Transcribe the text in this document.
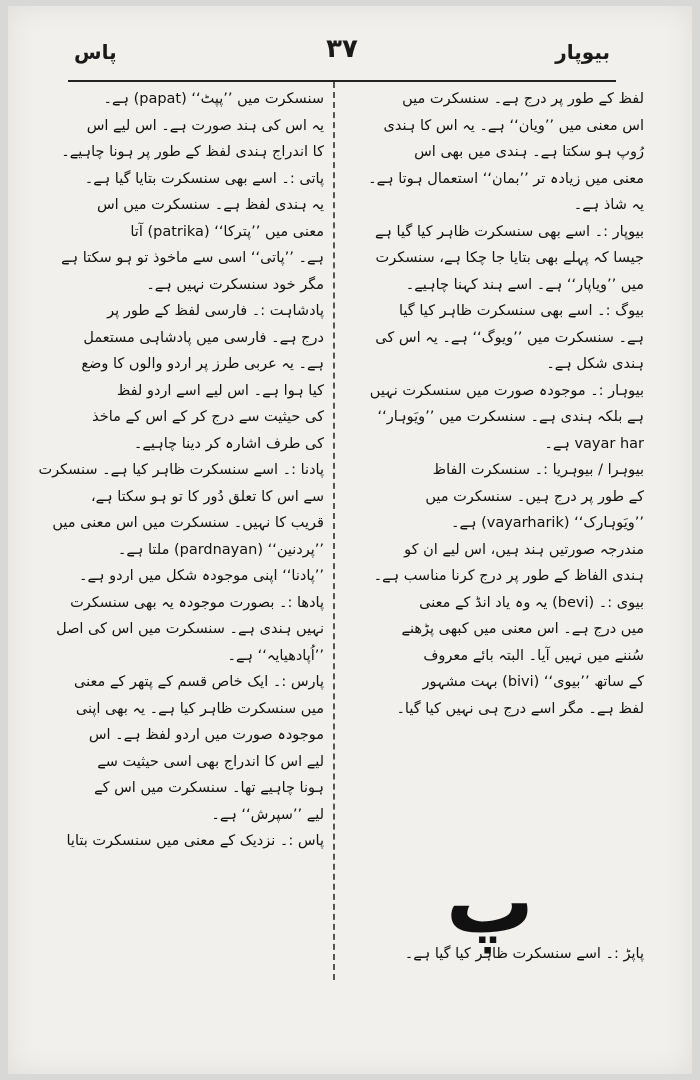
بیوپار
۳۷
پاس
لفظ کے طور پر درج ہے۔ سنسکرت میں
اس معنی میں ’’ویان‘‘ ہے۔ یہ اس کا ہندی
رُوپ ہو سکتا ہے۔ ہندی میں بھی اس
معنی میں زیادہ تر ’’بمان‘‘ استعمال ہوتا ہے۔
یہ شاذ ہے۔
بیوپار :۔ اسے بھی سنسکرت ظاہر کیا گیا ہے
جیسا کہ پہلے بھی بتایا جا چکا ہے، سنسکرت
میں ’’ویاپار‘‘ ہے۔ اسے ہند کہنا چاہیے۔
بیوگ :۔ اسے بھی سنسکرت ظاہر کیا گیا
ہے۔ سنسکرت میں ’’ویوگ‘‘ ہے۔ یہ اس کی
ہندی شکل ہے۔
بیوہار :۔ موجودہ صورت میں سنسکرت نہیں
ہے بلکہ ہندی ہے۔ سنسکرت میں ’’ویَوہار‘‘
vayar har ہے۔
بیوہرا / بیوہریا :۔ سنسکرت الفاظ
کے طور پر درج ہیں۔ سنسکرت میں
’’ویَوہارک‘‘ (vayarharik) ہے۔
مندرجہ صورتیں ہند ہیں، اس لیے ان کو
ہندی الفاظ کے طور پر درج کرنا مناسب ہے۔
بیوی :۔ (bevi) یہ وہ یاد انڈ کے معنی
میں درج ہے۔ اس معنی میں کبھی پڑھنے
سُننے میں نہیں آیا۔ البتہ بائے معروف
کے ساتھ ’’بیوی‘‘ (bivi) بہت مشہور
لفظ ہے۔ مگر اسے درج ہی نہیں کیا گیا۔
سنسکرت میں ’’پپٹ‘‘ (papat) ہے۔
یہ اس کی ہند صورت ہے۔ اس لیے اس
کا اندراج ہندی لفظ کے طور پر ہونا چاہیے۔
پاتی :۔ اسے بھی سنسکرت بتایا گیا ہے۔
یہ ہندی لفظ ہے۔ سنسکرت میں اس
معنی میں ’’پترکا‘‘ (patrika) آتا
ہے۔ ’’پاتی‘‘ اسی سے ماخوذ تو ہو سکتا ہے
مگر خود سنسکرت نہیں ہے۔
پادشاہت :۔ فارسی لفظ کے طور پر
درج ہے۔ فارسی میں پادشاہی مستعمل
ہے۔ یہ عربی طرز پر اردو والوں کا وضع
کیا ہوا ہے۔ اس لیے اسے اردو لفظ
کی حیثیت سے درج کر کے اس کے ماخذ
کی طرف اشارہ کر دینا چاہیے۔
پادنا :۔ اسے سنسکرت ظاہر کیا ہے۔ سنسکرت
سے اس کا تعلق دُور کا تو ہو سکتا ہے،
قریب کا نہیں۔ سنسکرت میں اس معنی میں
’’پردنین‘‘ (pardnayan) ملتا ہے۔
’’پادنا‘‘ اپنی موجودہ شکل میں اردو ہے۔
پادھا :۔ بصورت موجودہ یہ بھی سنسکرت
نہیں ہندی ہے۔ سنسکرت میں اس کی اصل
’’اُپادھیایہ‘‘ ہے۔
پارس :۔ ایک خاص قسم کے پتھر کے معنی
میں سنسکرت ظاہر کیا ہے۔ یہ بھی اپنی
موجودہ صورت میں اردو لفظ ہے۔ اس
لیے اس کا اندراج بھی اسی حیثیت سے
ہونا چاہیے تھا۔ سنسکرت میں اس کے
لیے ’’سپرش‘‘ ہے۔
پاس :۔ نزدیک کے معنی میں سنسکرت بتایا
پ
پاپڑ :۔ اسے سنسکرت ظاہر کیا گیا ہے۔
